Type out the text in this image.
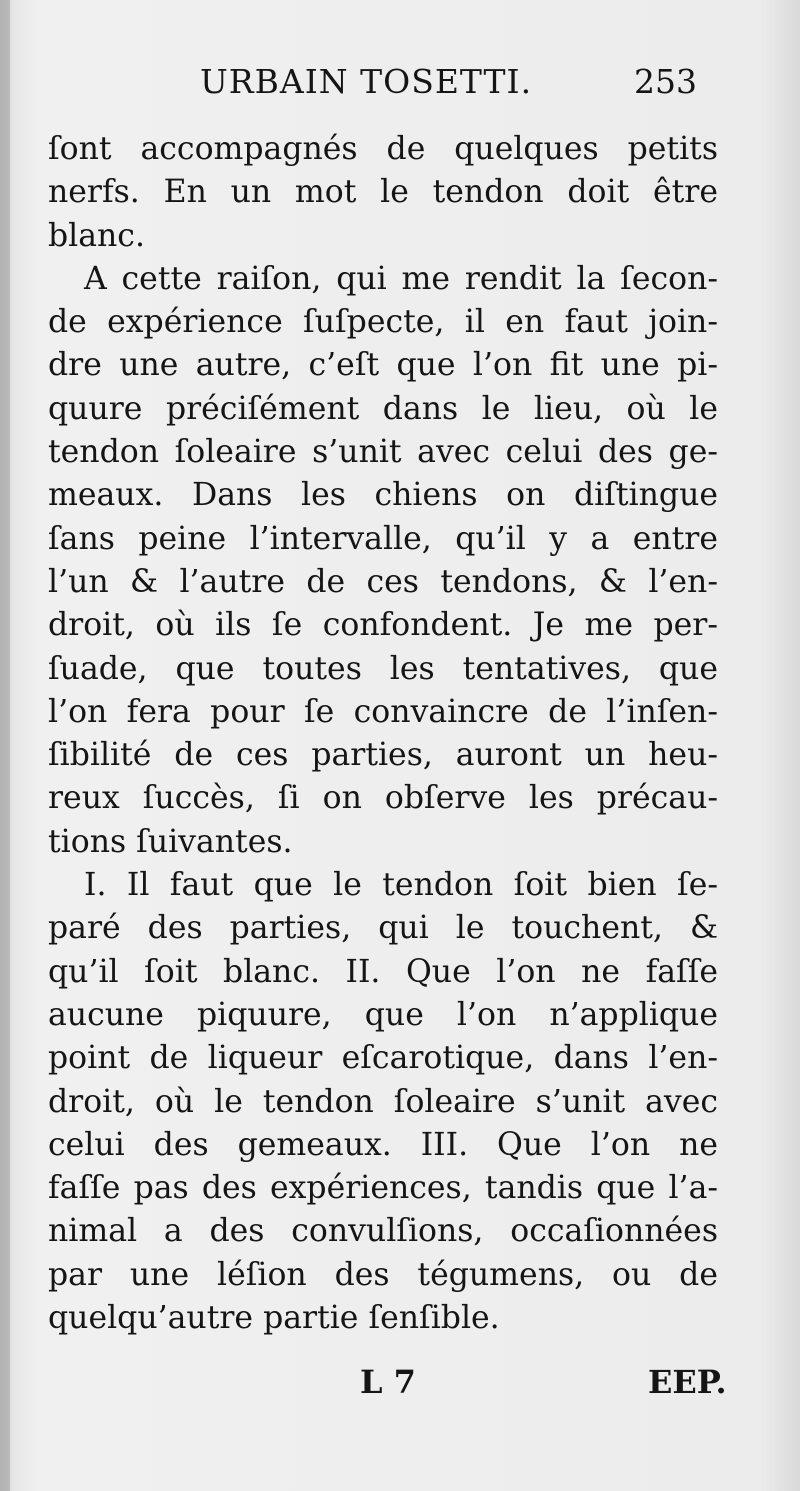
URBAIN TOSETTI.	253
ſont accompagnés de quelques petits
nerfs. En un mot le tendon doit être
blanc.
A cette raiſon, qui me rendit la ſecon-
de expérience ſuſpecte, il en faut join-
dre une autre, c’eſt que l’on fit une pi-
quure préciſément dans le lieu, où le
tendon ſoleaire s’unit avec celui des ge-
meaux. Dans les chiens on diſtingue
ſans peine l’intervalle, qu’il y a entre
l’un & l’autre de ces tendons, & l’en-
droit, où ils ſe confondent. Je me per-
ſuade, que toutes les tentatives, que
l’on fera pour ſe convaincre de l’inſen-
ſibilité de ces parties, auront un heu-
reux ſuccès, ſi on obſerve les précau-
tions ſuivantes.
I. Il faut que le tendon ſoit bien ſe-
paré des parties, qui le touchent, &
qu’il ſoit blanc. II. Que l’on ne faſſe
aucune piquure, que l’on n’applique
point de liqueur eſcarotique, dans l’en-
droit, où le tendon ſoleaire s’unit avec
celui des gemeaux. III. Que l’on ne
faſſe pas des expériences, tandis que l’a-
nimal a des convulſions, occaſionnées
par une léſion des tégumens, ou de
quelqu’autre partie ſenſible.
L 7	EEP.
